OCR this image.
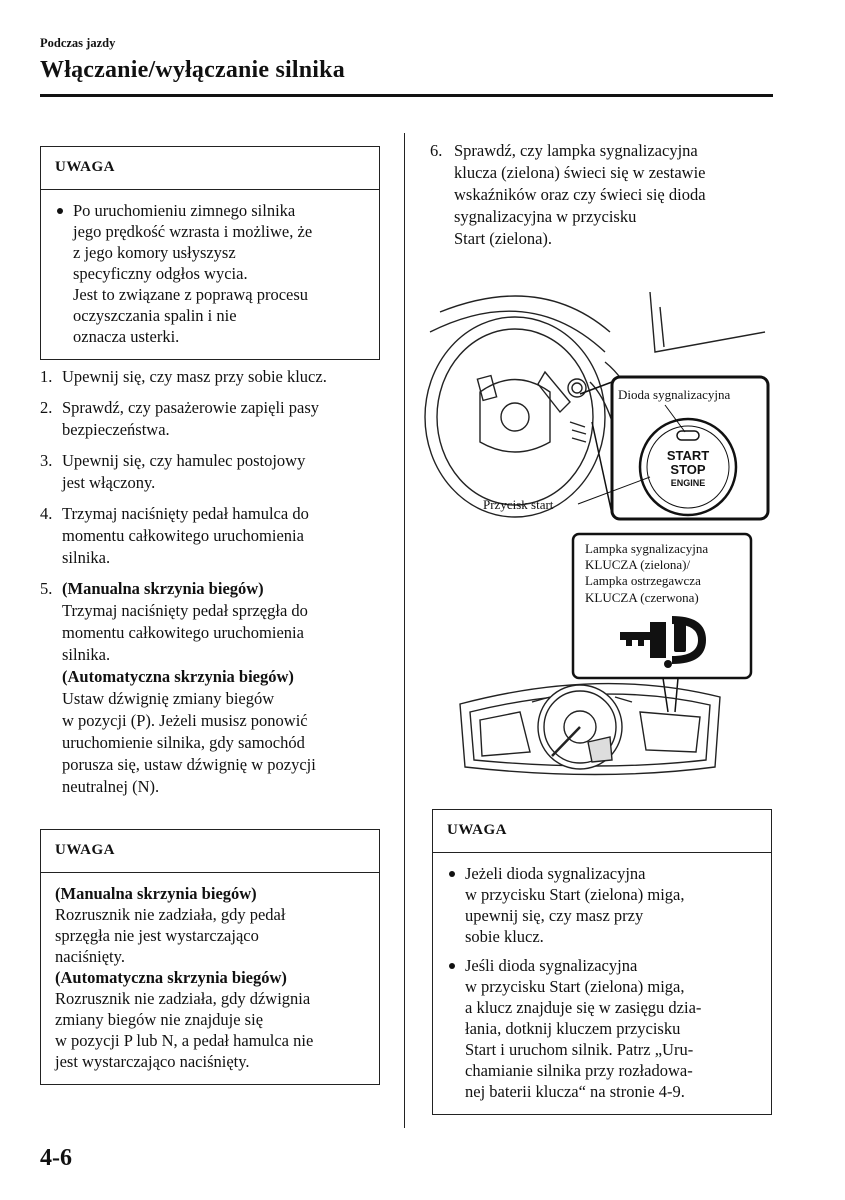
Podczas jazdy
Włączanie/wyłączanie silnika
UWAGA
Po uruchomieniu zimnego silnika
jego prędkość wzrasta i możliwe, że
z jego komory usłyszysz
specyficzny odgłos wycia.
Jest to związane z poprawą procesu
oczyszczania spalin i nie
oznacza usterki.
1. Upewnij się, czy masz przy sobie klucz.
2. Sprawdź, czy pasażerowie zapięli pasy
bezpieczeństwa.
3. Upewnij się, czy hamulec postojowy
jest włączony.
4. Trzymaj naciśnięty pedał hamulca do
momentu całkowitego uruchomienia
silnika.
5. (Manualna skrzynia biegów)
Trzymaj naciśnięty pedał sprzęgła do
momentu całkowitego uruchomienia
silnika.
(Automatyczna skrzynia biegów)
Ustaw dźwignię zmiany biegów
w pozycji (P). Jeżeli musisz ponowić
uruchomienie silnika, gdy samochód
porusza się, ustaw dźwignię w pozycji
neutralnej (N).
UWAGA
(Manualna skrzynia biegów)
Rozrusznik nie zadziała, gdy pedał
sprzęgła nie jest wystarczająco
naciśnięty.
(Automatyczna skrzynia biegów)
Rozrusznik nie zadziała, gdy dźwignia
zmiany biegów nie znajduje się
w pozycji P lub N, a pedał hamulca nie
jest wystarczająco naciśnięty.
6. Sprawdź, czy lampka sygnalizacyjna
klucza (zielona) świeci się w zestawie
wskaźników oraz czy świeci się dioda
sygnalizacyjna w przycisku
Start (zielona).
START
STOP
ENGINE
Dioda sygnalizacyjna
Przycisk start
Lampka sygnalizacyjna
KLUCZA (zielona)/
Lampka ostrzegawcza
KLUCZA (czerwona)
UWAGA
Jeżeli dioda sygnalizacyjna
w przycisku Start (zielona) miga,
upewnij się, czy masz przy
sobie klucz.
Jeśli dioda sygnalizacyjna
w przycisku Start (zielona) miga,
a klucz znajduje się w zasięgu dzia-
łania, dotknij kluczem przycisku
Start i uruchom silnik. Patrz „Uru-
chamianie silnika przy rozładowa-
nej baterii klucza“ na stronie 4-9.
4-6
